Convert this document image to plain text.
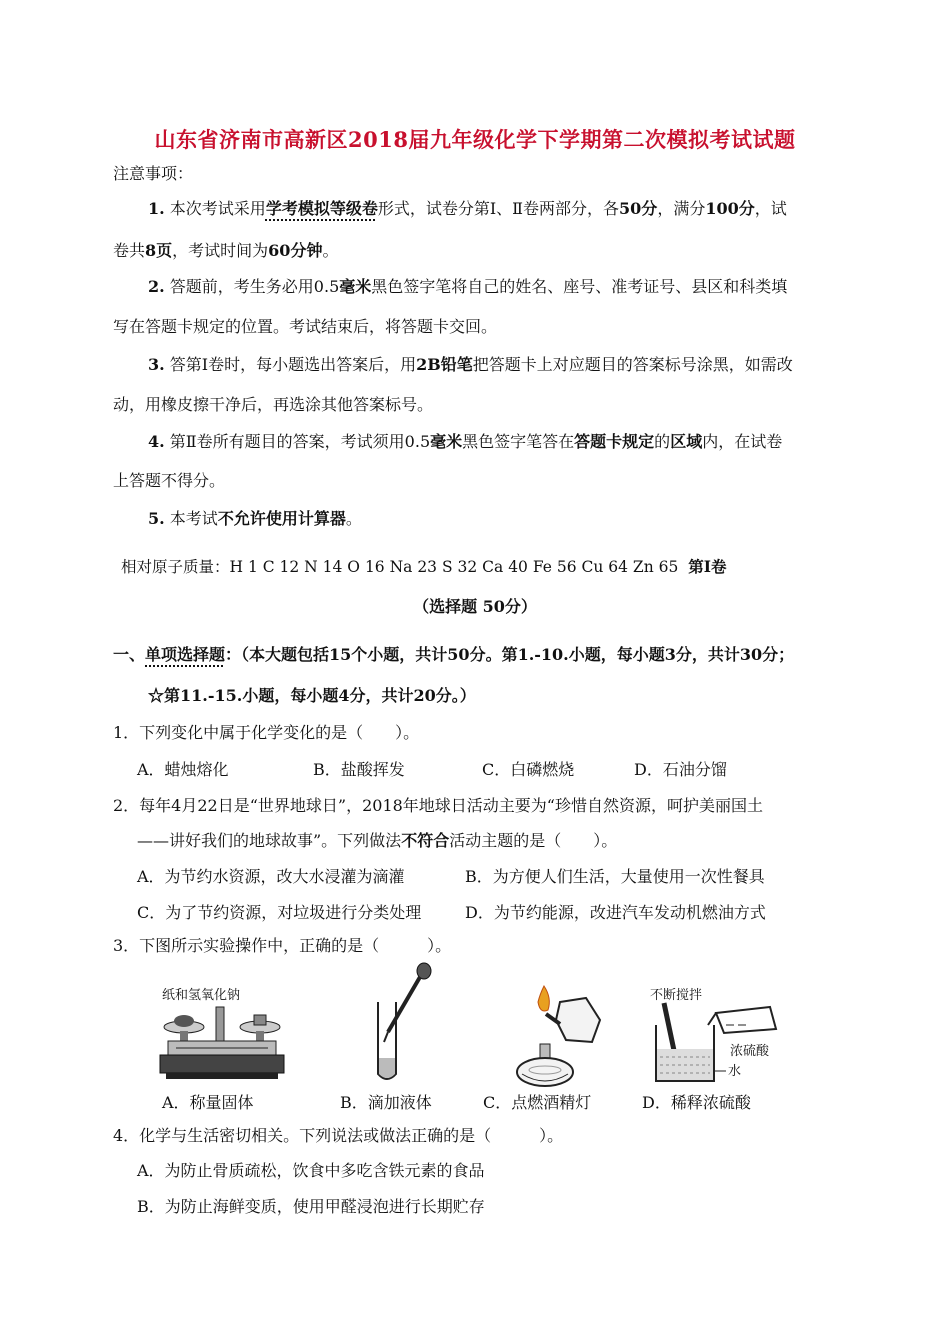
山东省济南市高新区2018届九年级化学下学期第二次模拟考试试题
注意事项：
1. 本次考试采用学考模拟等级卷形式，试卷分第Ⅰ、Ⅱ卷两部分，各50分，满分100分，试
卷共8页，考试时间为60分钟。
2. 答题前，考生务必用0.5毫米黑色签字笔将自己的姓名、座号、准考证号、县区和科类填
写在答题卡规定的位置。考试结束后，将答题卡交回。
3. 答第Ⅰ卷时，每小题选出答案后，用2B铅笔把答题卡上对应题目的答案标号涂黑，如需改
动，用橡皮擦干净后，再选涂其他答案标号。
4. 第Ⅱ卷所有题目的答案，考试须用0.5毫米黑色签字笔答在答题卡规定的区域内，在试卷
上答题不得分。
5. 本考试不允许使用计算器。
相对原子质量：H 1 C 12 N 14 O 16 Na 23 S 32 Ca 40 Fe 56 Cu 64 Zn 65 第Ⅰ卷
（选择题 50分）
一、单项选择题：（本大题包括15个小题，共计50分。第1.-10.小题，每小题3分，共计30分；
☆第11.-15.小题，每小题4分，共计20分。）
1．下列变化中属于化学变化的是（　　）。
A．蜡烛熔化	B．盐酸挥发	C．白磷燃烧	D．石油分馏
2．每年4月22日是“世界地球日”，2018年地球日活动主要为“珍惜自然资源，呵护美丽国土
——讲好我们的地球故事”。下列做法不符合活动主题的是（　　）。
A．为节约水资源，改大水浸灌为滴灌	B．为方便人们生活，大量使用一次性餐具
C．为了节约资源，对垃圾进行分类处理	D．为节约能源，改进汽车发动机燃油方式
3．下图所示实验操作中，正确的是（　　　）。
纸和氢氧化钠	不断搅拌
浓硫酸
水
A．称量固体	B．滴加液体	C．点燃酒精灯	D．稀释浓硫酸
4．化学与生活密切相关。下列说法或做法正确的是（　　　）。
A．为防止骨质疏松，饮食中多吃含铁元素的食品
B．为防止海鲜变质，使用甲醛浸泡进行长期贮存
